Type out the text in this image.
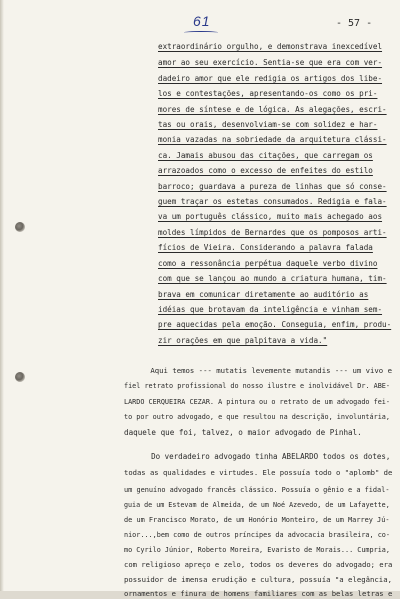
61	- 57 -
extraordinário orgulho, e demonstrava inexcedível
amor ao seu exercício. Sentia-se que era com ver-
dadeiro amor que ele redigia os artigos dos libe-
los e contestações, apresentando-os como os pri-
mores de síntese e de lógica. As alegações, escri-
tas ou orais, desenvolviam-se com solidez e har-
monia vazadas na sobriedade da arquitetura clássi-
ca. Jamais abusou das citações, que carregam os
arrazoados como o excesso de enfeites do estilo
barroco; guardava a pureza de linhas que só conse-
guem traçar os estetas consumados. Redigia e fala-
va um português clássico, muito mais achegado aos
moldes límpidos de Bernardes que os pomposos arti-
fícios de Vieira. Considerando a palavra falada
como a ressonância perpétua daquele verbo divino
com que se lançou ao mundo a criatura humana, tim-
brava em comunicar diretamente ao auditório as
idéias que brotavam da inteligência e vinham sem-
pre aquecidas pela emoção. Conseguia, enfim, produ-
zir orações em que palpitava a vida."
Aqui temos --- mutatis levemente mutandis --- um vivo e
fiel retrato profissional do nosso ilustre e inolvidável Dr. ABE-
LARDO CERQUEIRA CEZAR. A pintura ou o retrato de um advogado fei-
to por outro advogado, e que resultou na descrição, involuntária,
daquele que foi, talvez, o maior advogado de Pinhal.
Do verdadeiro advogado tinha ABELARDO todos os dotes,
todas as qualidades e virtudes. Ele possuía todo o "aplomb" de
um genuíno advogado francês clássico. Possuía o gênio e a fidal-
guia de um Estevam de Almeida, de um Noé Azevedo, de um Lafayette,
de um Francisco Morato, de um Honório Monteiro, de um Marrey Jú-
nior...,bem como de outros príncipes da advocacia brasileira, co-
mo Cyrilo Júnior, Roberto Moreira, Evaristo de Morais... Cumpria,
com religioso apreço e zelo, todos os deveres do advogado; era
possuidor de imensa erudição e cultura, possuía "a elegância,
ornamentos e finura de homens familiares com as belas letras e
